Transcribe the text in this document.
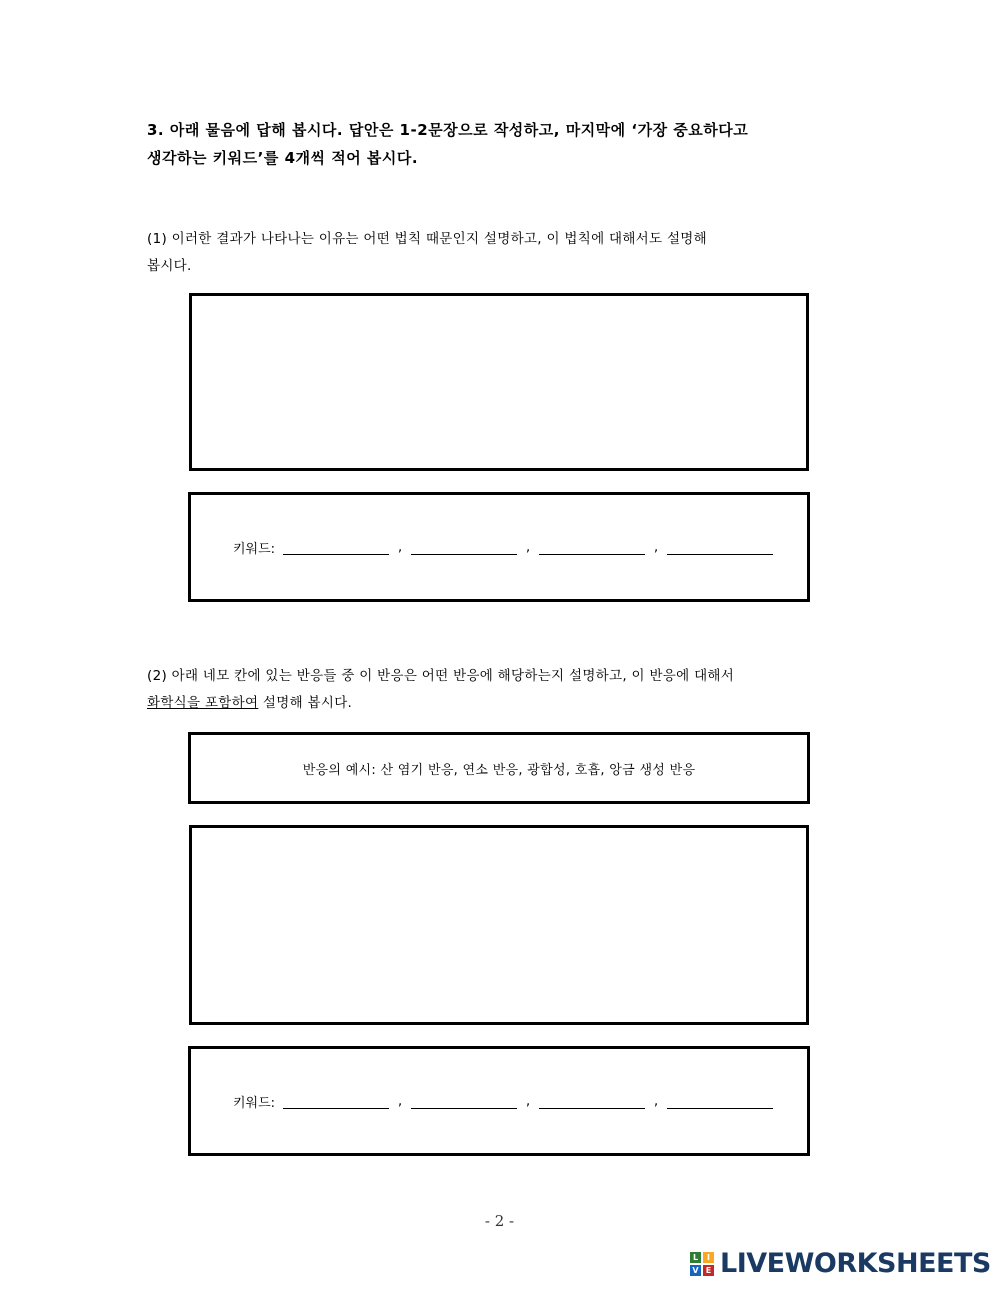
3. 아래 물음에 답해 봅시다. 답안은 1-2문장으로 작성하고, 마지막에 ‘가장 중요하다고
생각하는 키워드’를 4개씩 적어 봅시다.
(1) 이러한 결과가 나타나는 이유는 어떤 법칙 때문인지 설명하고, 이 법칙에 대해서도 설명해
봅시다.
키워드:	,	,	,
(2) 아래 네모 칸에 있는 반응들 중 이 반응은 어떤 반응에 해당하는지 설명하고, 이 반응에 대해서
화학식을 포함하여 설명해 봅시다.
반응의 예시: 산 염기 반응, 연소 반응, 광합성, 호흡, 앙금 생성 반응
키워드:	,	,	,
- 2 -
L	I
V E LIVEWORKSHEETS
